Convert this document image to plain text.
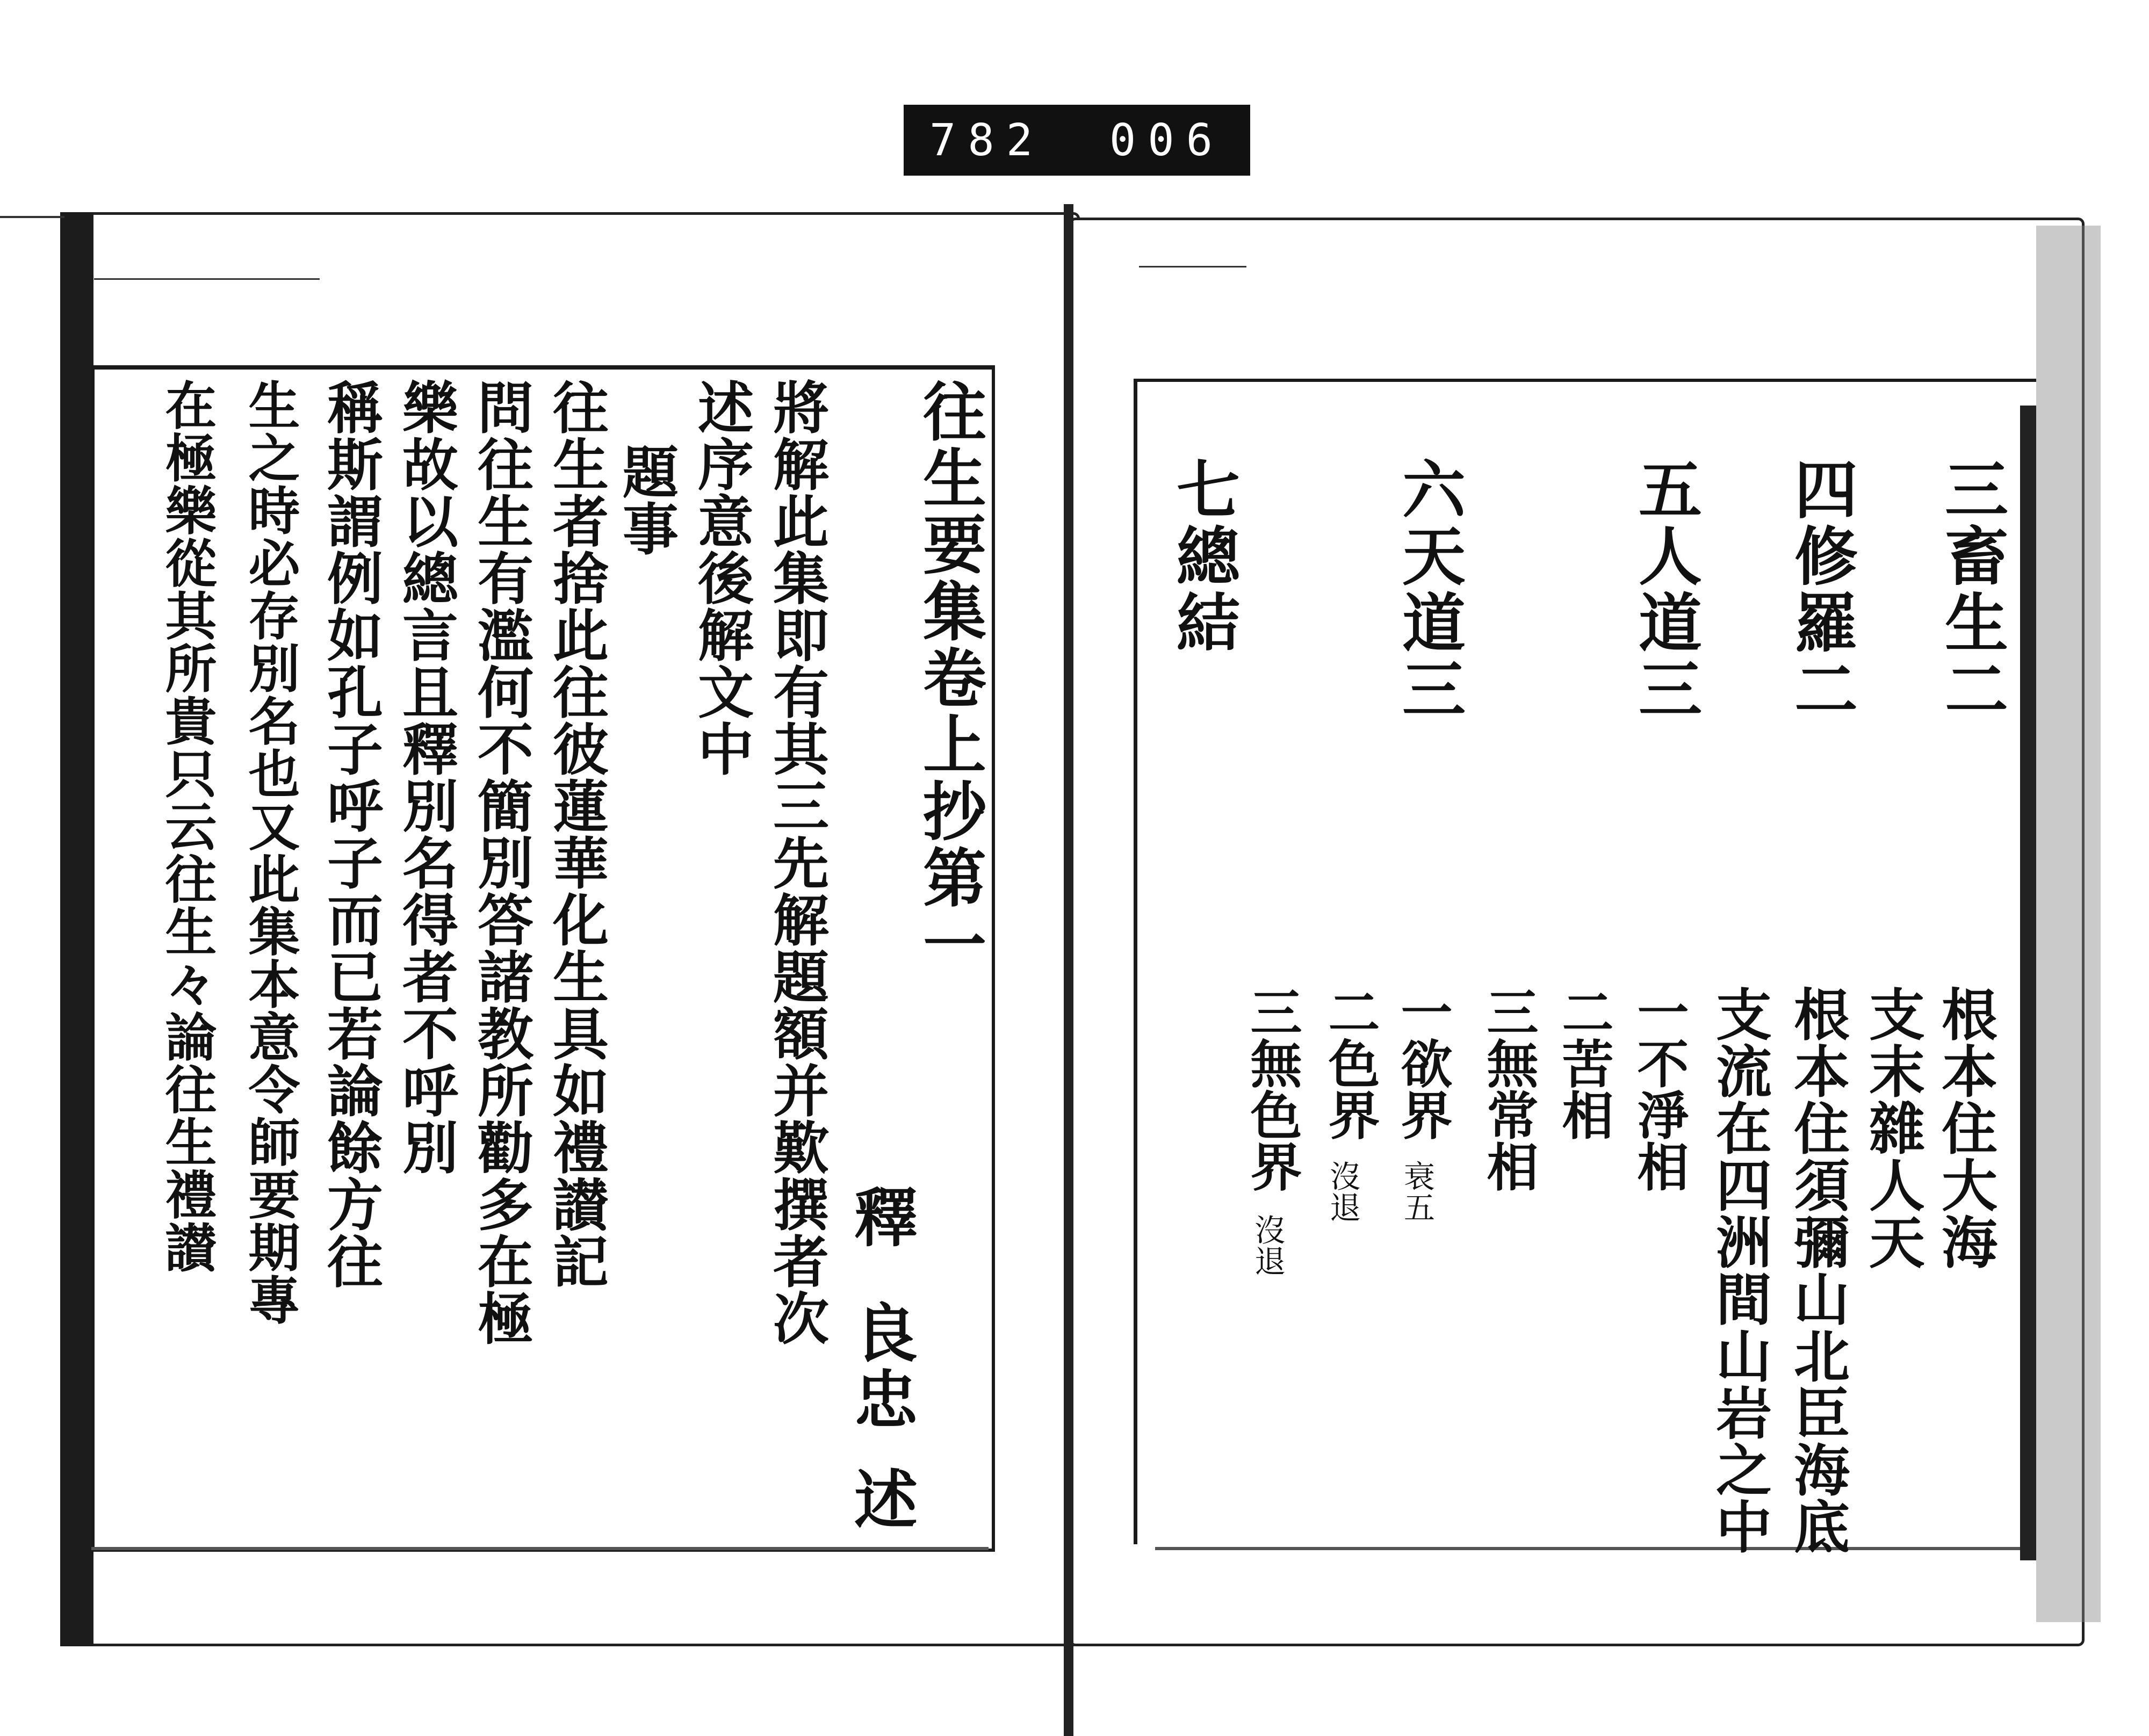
782 006
往生要集卷上抄第一
釋
良忠
述
將解此集即有其三先解題額并歎撰者次
述序意後解文中
題事
往生者捨此往彼蓮華化生具如禮讃記
問往生有濫何不簡別答諸教所勸多在極
樂故以總言且釋別名得者不呼別
稱斯謂例如孔子呼子而已若論餘方往
生之時必存別名也又此集本意令師要期專
在極樂從其所貴只云往生々論往生禮讃	三畜生二
四修羅二
五人道三
六天道三
七總結
根本住大海
支末雜人天
根本住須彌山北臣海底
支流在四洲間山岩之中
一不淨相
二苦相
三無常相
一欲界
衰五
二色界
沒退
三無色界
沒退
